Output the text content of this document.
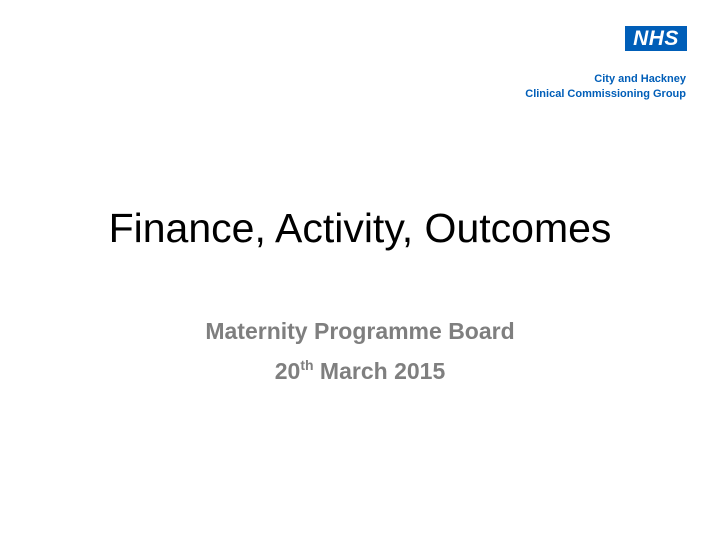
NHS
City and Hackney
Clinical Commissioning Group
Finance, Activity, Outcomes
Maternity Programme Board
20th March 2015
